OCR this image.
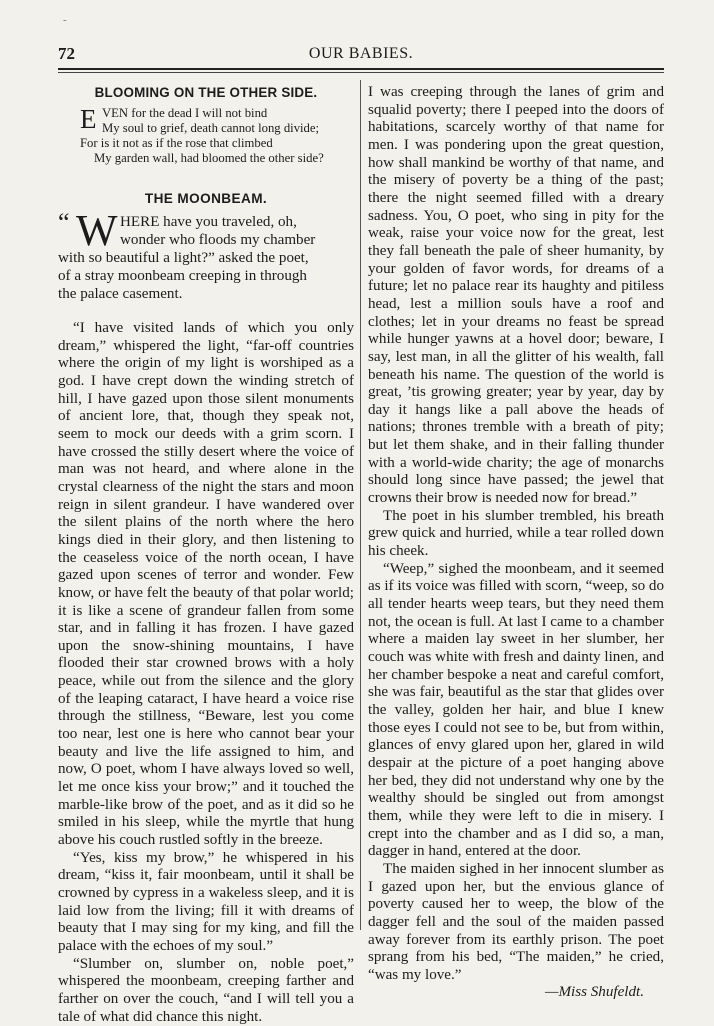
-
72	OUR BABIES.
BLOOMING ON THE OTHER SIDE.
E VEN for the dead I will not bind
My soul to grief, death cannot long divide;
For is it not as if the rose that climbed
My garden wall, had bloomed the other side?
THE MOONBEAM.
“ W HERE have you traveled, oh,
wonder who floods my chamber
with so beautiful a light?” asked the poet,
of a stray moonbeam creeping in through
the palace casement.

“I have visited lands of which you only dream,” whispered the light, “far-off countries where the origin of my light is worshiped as a god. I have crept down the winding stretch of hill, I have gazed upon those silent monuments of ancient lore, that, though they speak not, seem to mock our deeds with a grim scorn. I have crossed the stilly desert where the voice of man was not heard, and where alone in the crystal clearness of the night the stars and moon reign in silent grandeur. I have wandered over the silent plains of the north where the hero kings died in their glory, and then listening to the ceaseless voice of the north ocean, I have gazed upon scenes of terror and wonder. Few know, or have felt the beauty of that polar world; it is like a scene of grandeur fallen from some star, and in falling it has frozen. I have gazed upon the snow-shining mountains, I have flooded their star crowned brows with a holy peace, while out from the silence and the glory of the leaping cataract, I have heard a voice rise through the stillness, “Beware, lest you come too near, lest one is here who cannot bear your beauty and live the life assigned to him, and now, O poet, whom I have always loved so well, let me once kiss your brow;” and it touched the marble-like brow of the poet, and as it did so he smiled in his sleep, while the myrtle that hung above his couch rustled softly in the breeze.

“Yes, kiss my brow,” he whispered in his dream, “kiss it, fair moonbeam, until it shall be crowned by cypress in a wakeless sleep, and it is laid low from the living; fill it with dreams of beauty that I may sing for my king, and fill the palace with the echoes of my soul.”

“Slumber on, slumber on, noble poet,” whispered the moonbeam, creeping farther and farther on over the couch, “and I will tell you a tale of what did chance this night.

I was creeping through the lanes of grim and squalid poverty; there I peeped into the doors of habitations, scarcely worthy of that name for men. I was pondering upon the great question, how shall mankind be worthy of that name, and the misery of poverty be a thing of the past; there the night seemed filled with a dreary sadness. You, O poet, who sing in pity for the weak, raise your voice now for the great, lest they fall beneath the pale of sheer humanity, by your golden of favor words, for dreams of a future; let no palace rear its haughty and pitiless head, lest a million souls have a roof and clothes; let in your dreams no feast be spread while hunger yawns at a hovel door; beware, I say, lest man, in all the glitter of his wealth, fall beneath his name. The question of the world is great, ’tis growing greater; year by year, day by day it hangs like a pall above the heads of nations; thrones tremble with a breath of pity; but let them shake, and in their falling thunder with a world-wide charity; the age of monarchs should long since have passed; the jewel that crowns their brow is needed now for bread.”

The poet in his slumber trembled, his breath grew quick and hurried, while a tear rolled down his cheek.

“Weep,” sighed the moonbeam, and it seemed as if its voice was filled with scorn, “weep, so do all tender hearts weep tears, but they need them not, the ocean is full. At last I came to a chamber where a maiden lay sweet in her slumber, her couch was white with fresh and dainty linen, and her chamber bespoke a neat and careful comfort, she was fair, beautiful as the star that glides over the valley, golden her hair, and blue I knew those eyes I could not see to be, but from within, glances of envy glared upon her, glared in wild despair at the picture of a poet hanging above her bed, they did not understand why one by the wealthy should be singled out from amongst them, while they were left to die in misery. I crept into the chamber and as I did so, a man, dagger in hand, entered at the door.

The maiden sighed in her innocent slumber as I gazed upon her, but the envious glance of poverty caused her to weep, the blow of the dagger fell and the soul of the maiden passed away forever from its earthly prison. The poet sprang from his bed, “The maiden,” he cried, “was my love.”

—Miss Shufeldt.
